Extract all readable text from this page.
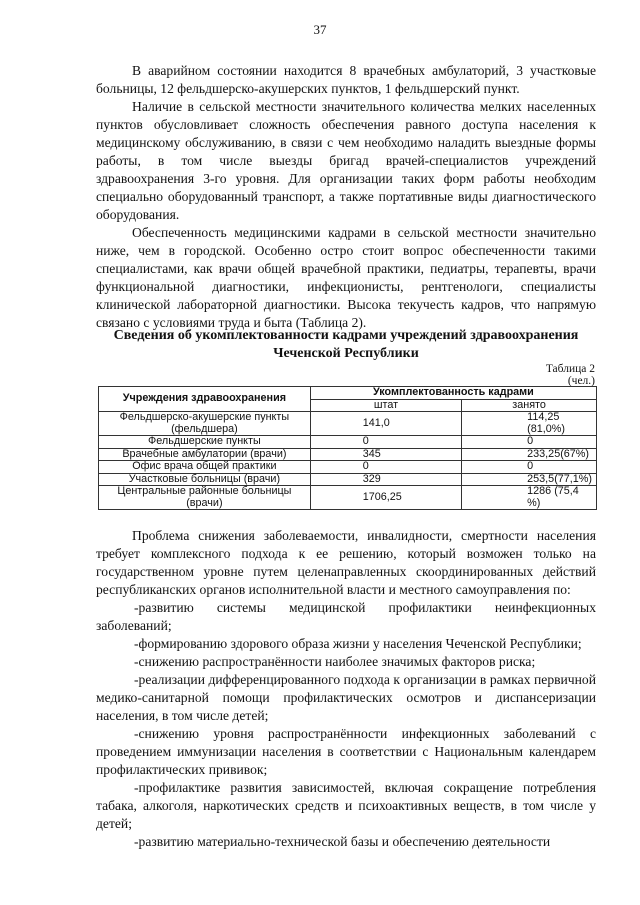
37

В аварийном состоянии находится 8 врачебных амбулаторий, 3 участковые больницы, 12 фельдшерско-акушерских пунктов, 1 фельдшерский пункт.

Наличие в сельской местности значительного количества мелких населенных пунктов обусловливает сложность обеспечения равного доступа населения к медицинскому обслуживанию, в связи с чем необходимо наладить выездные формы работы, в том числе выезды бригад врачей-специалистов учреждений здравоохранения 3-го уровня. Для организации таких форм работы необходим специально оборудованный транспорт, а также портативные виды диагностического оборудования.

Обеспеченность медицинскими кадрами в сельской местности значительно ниже, чем в городской. Особенно остро стоит вопрос обеспеченности такими специалистами, как врачи общей врачебной практики, педиатры, терапевты, врачи функциональной диагностики, инфекционисты, рентгенологи, специалисты клинической лабораторной диагностики. Высока текучесть кадров, что напрямую связано с условиями труда и быта (Таблица 2).

Сведения об укомплектованности кадрами учреждений здравоохранения Чеченской Республики
Таблица 2
(чел.)
Учреждения здравоохранения	Укомплектованность кадрами	
	штат	занято
Фельдшерско-акушерские пункты (фельдшера)	141,0	114,25 (81,0%)
Фельдшерские пункты	0	0
Врачебные амбулатории (врачи)	345	233,25(67%)
Офис врача общей практики	0	0
Участковые больницы (врачи)	329	253,5(77,1%)
Центральные районные больницы (врачи)	1706,25	1286 (75,4 %)

Проблема снижения заболеваемости, инвалидности, смертности населения требует комплексного подхода к ее решению, который возможен только на государственном уровне путем целенаправленных скоординированных действий республиканских органов исполнительной власти и местного самоуправления по:

-развитию системы медицинской профилактики неинфекционных заболеваний;

-формированию здорового образа жизни у населения Чеченской Республики;

-снижению распространённости наиболее значимых факторов риска;

-реализации дифференцированного подхода к организации в рамках первичной медико-санитарной помощи профилактических осмотров и диспансеризации населения, в том числе детей;

-снижению уровня распространённости инфекционных заболеваний с проведением иммунизации населения в соответствии с Национальным календарем профилактических прививок;

-профилактике развития зависимостей, включая сокращение потребления табака, алкоголя, наркотических средств и психоактивных веществ, в том числе у детей;

-развитию материально-технической базы и обеспечению деятельности
